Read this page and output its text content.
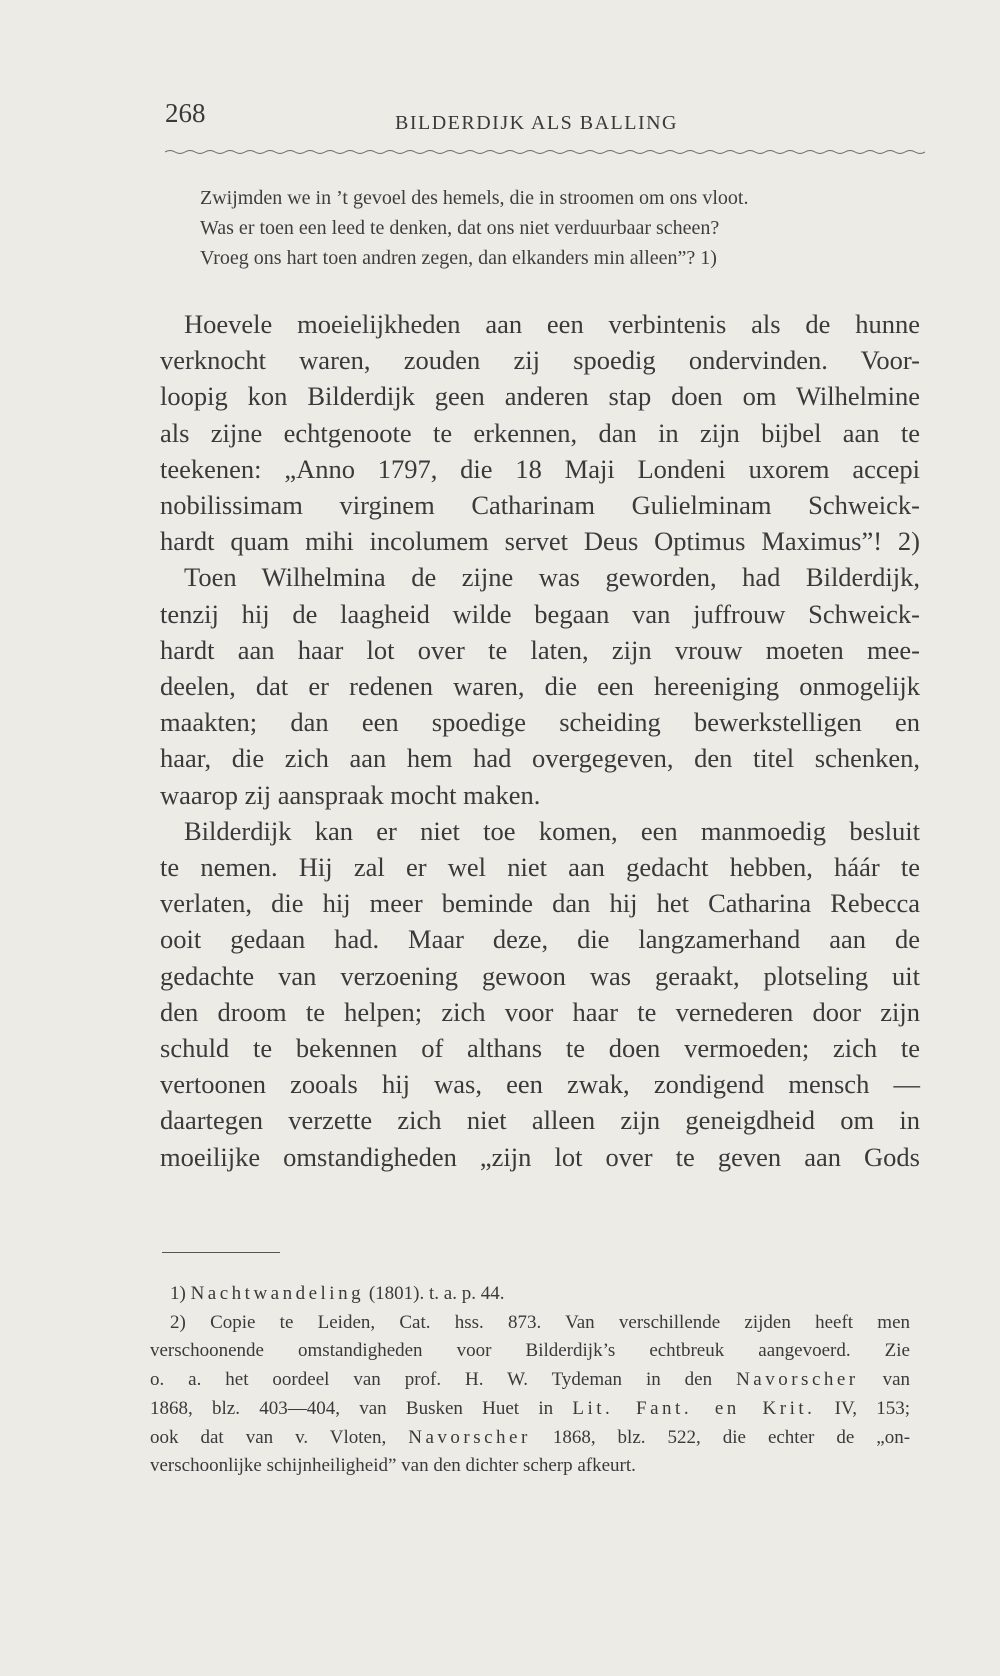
268	BILDERDIJK ALS BALLING
Zwijmden we in ’t gevoel des hemels, die in stroomen om ons vloot.
Was er toen een leed te denken, dat ons niet verduurbaar scheen?
Vroeg ons hart toen andren zegen, dan elkanders min alleen”? 1)
Hoevele moeielijkheden aan een verbintenis als de hunne
verknocht waren, zouden zij spoedig ondervinden. Voor-
loopig kon Bilderdijk geen anderen stap doen om Wilhelmine
als zijne echtgenoote te erkennen, dan in zijn bijbel aan te
teekenen: „Anno 1797, die 18 Maji Londeni uxorem accepi
nobilissimam virginem Catharinam Gulielminam Schweick-
hardt quam mihi incolumem servet Deus Optimus Maximus”! 2)
Toen Wilhelmina de zijne was geworden, had Bilderdijk,
tenzij hij de laagheid wilde begaan van juffrouw Schweick-
hardt aan haar lot over te laten, zijn vrouw moeten mee-
deelen, dat er redenen waren, die een hereeniging onmogelijk
maakten; dan een spoedige scheiding bewerkstelligen en
haar, die zich aan hem had overgegeven, den titel schenken,
waarop zij aanspraak mocht maken.
Bilderdijk kan er niet toe komen, een manmoedig besluit
te nemen. Hij zal er wel niet aan gedacht hebben, háár te
verlaten, die hij meer beminde dan hij het Catharina Rebecca
ooit gedaan had. Maar deze, die langzamerhand aan de
gedachte van verzoening gewoon was geraakt, plotseling uit
den droom te helpen; zich voor haar te vernederen door zijn
schuld te bekennen of althans te doen vermoeden; zich te
vertoonen zooals hij was, een zwak, zondigend mensch —
daartegen verzette zich niet alleen zijn geneigdheid om in
moeilijke omstandigheden „zijn lot over te geven aan Gods
1) Nachtwandeling (1801). t. a. p. 44.
2) Copie te Leiden, Cat. hss. 873. Van verschillende zijden heeft men
verschoonende omstandigheden voor Bilderdijk’s echtbreuk aangevoerd. Zie
o. a. het oordeel van prof. H. W. Tydeman in den Navorscher van
1868, blz. 403—404, van Busken Huet in Lit. Fant. en Krit. IV, 153;
ook dat van v. Vloten, Navorscher 1868, blz. 522, die echter de „on-
verschoonlijke schijnheiligheid” van den dichter scherp afkeurt.
